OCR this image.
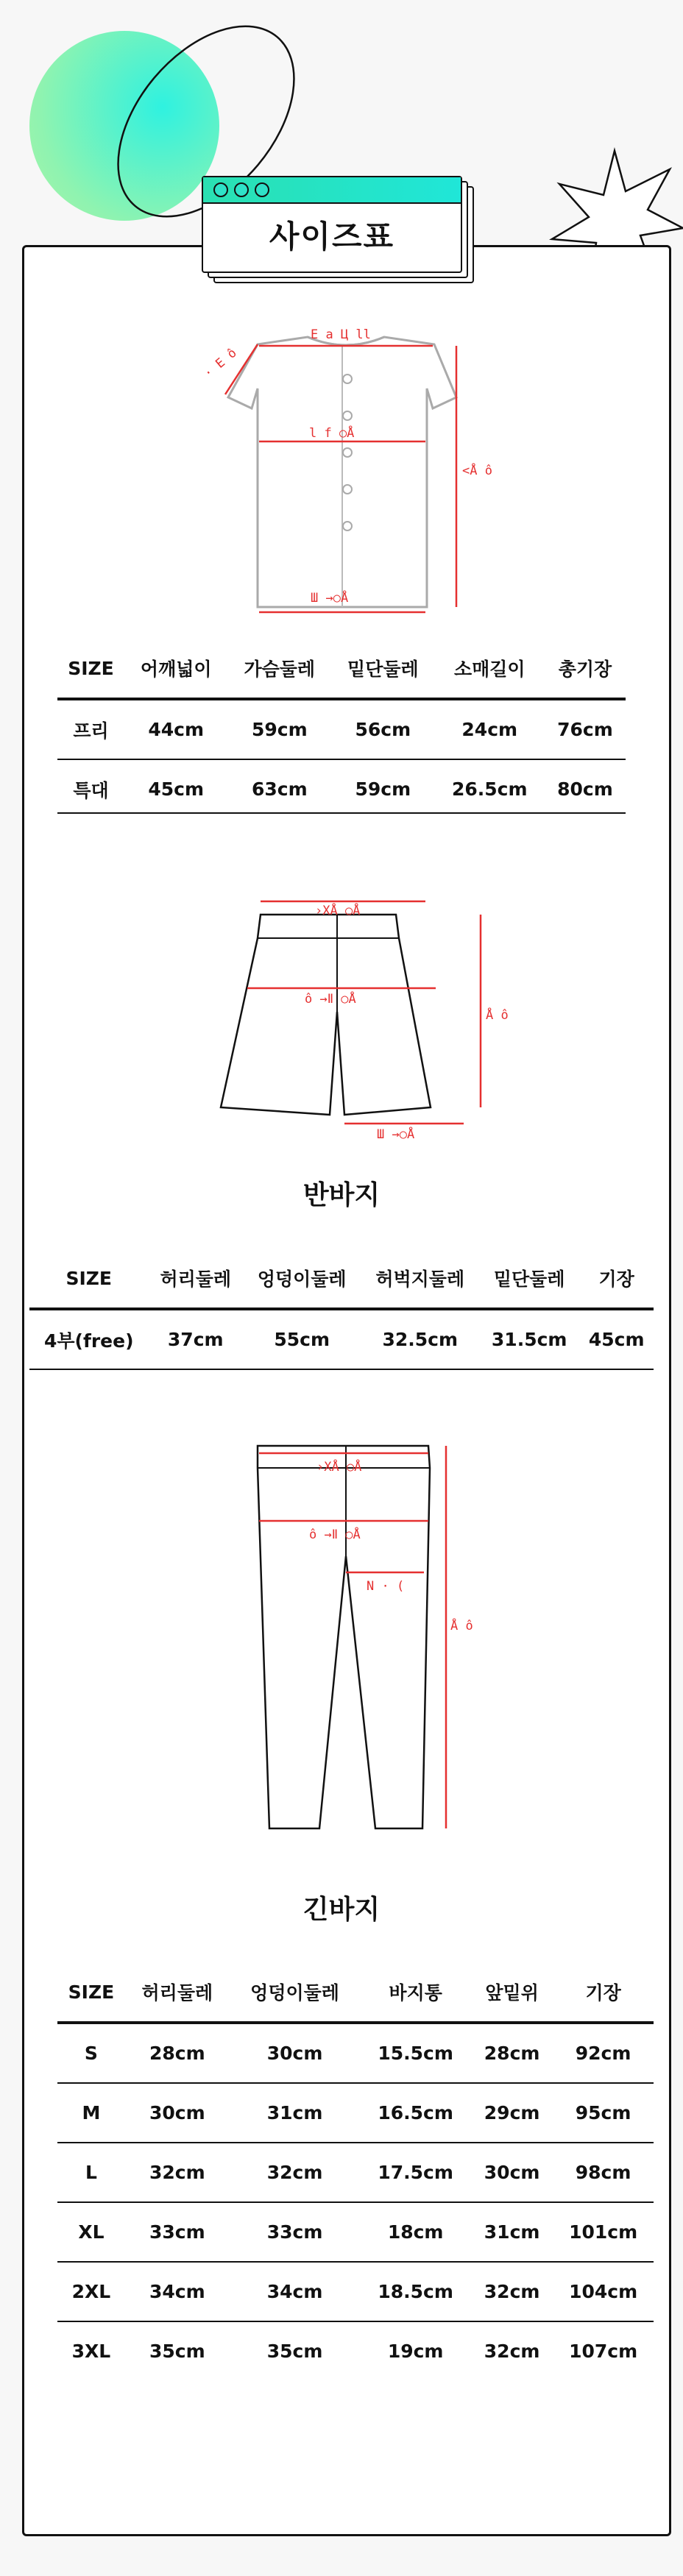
사이즈표
E a Ц ll
· E ô
l f ○Å
<Å ô
Ш →○Å
SIZE	어깨넓이	가슴둘레	밑단둘레	소매길이	총기장
프리	44cm	59cm	56cm	24cm	76cm
특대	45cm	63cm	59cm	26.5cm	80cm
›ΧÅ ○Å
ô →Ⅱ ○Å
Å ô
Ш →○Å
반바지
SIZE	허리둘레	엉덩이둘레	허벅지둘레	밑단둘레	기장
4부(free)	37cm	55cm	32.5cm	31.5cm	45cm
›ΧÅ ○Å
ô →Ⅱ ○Å
N · (
Å ô
긴바지
SIZE	허리둘레	엉덩이둘레	바지통	앞밑위	기장
S	28cm	30cm	15.5cm	28cm	92cm
M	30cm	31cm	16.5cm	29cm	95cm
L	32cm	32cm	17.5cm	30cm	98cm
XL	33cm	33cm	18cm	31cm	101cm
2XL	34cm	34cm	18.5cm	32cm	104cm
3XL	35cm	35cm	19cm	32cm	107cm
